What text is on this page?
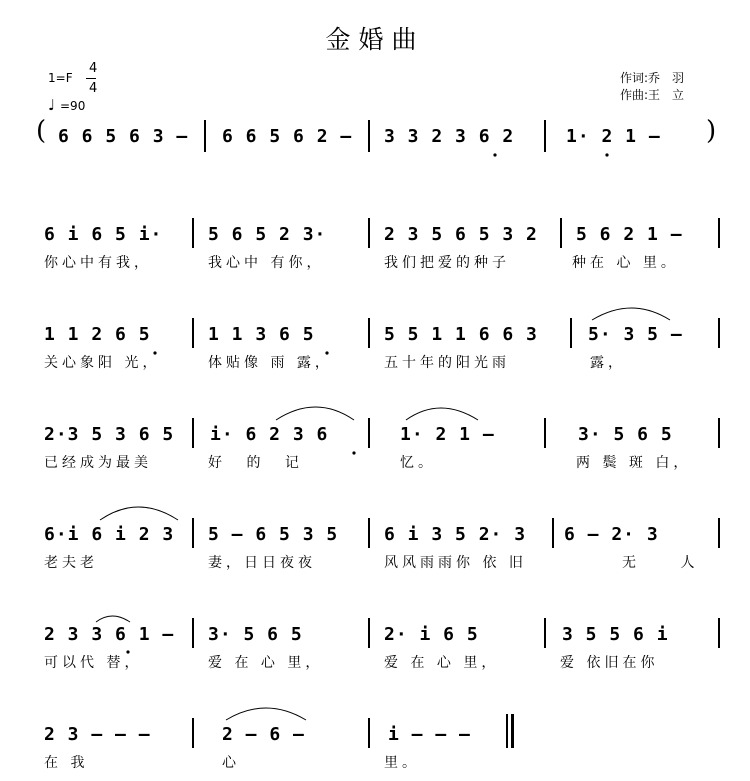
金婚曲
1=F
4
4
♩ =90
作词:乔　羽
作曲:王　立
( 6 6 5 6 3 – 6 6 5 6 2 – 3 3 2 3 6 2	1· 2 1 – )
6 i 6 5 i·	5 6 5 2 3·	2 3 5 6 5 3 2 5 6 2 1 –
你心中有我，	我心中 有你，	我们把爱的种子	种在 心 里。
1 1 2 6 5	1 1 3 6 5	5 5 1 1 6 6 3	5· 3 5 –
关心象阳 光，	体贴像 雨 露，	五十年的阳光雨	露，
2·3 5 3 6 5 i· 6 2 3 6	1· 2 1 –	3· 5 6 5
已经成为最美	好 的 记	忆。	两 鬓 斑 白，
6·i 6 i 2 3 5 – 6 5 3 5	6 i 3 5 2· 3 6 – 2· 3
老夫老	妻，日日夜夜	风风雨雨你 依 旧	无 人
2 3 3 6 1 – 3· 5 6 5	2· i 6 5	3 5 5 6 i
可以代 替，	爱 在 心 里，	爱 在 心 里，	爱 依旧在你
2 3 – – –	2 – 6 –	i – – –
在 我	心	里。
